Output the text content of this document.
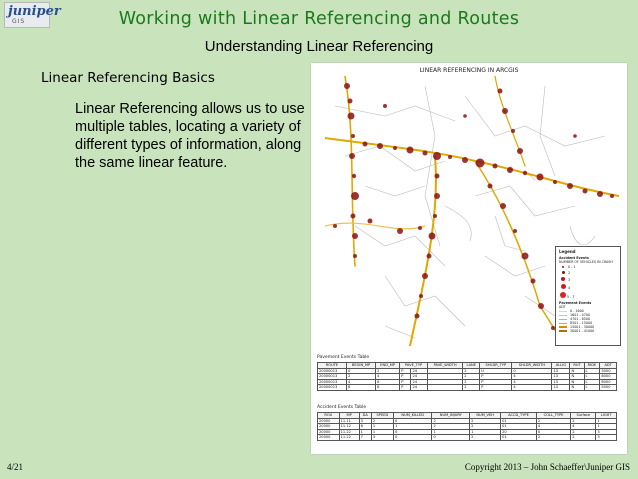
juniper
GIS	Working with Linear Referencing and Routes
Understanding Linear Referencing
Linear Referencing Basics
Linear Referencing allows us to use multiple tables, locating a variety of different types of information, along the same linear feature.
LINEAR REFERENCING IN ARCGIS
Legend
Accident Events
NUMBER OF VEHICLES IN CRASH
0 - 1
2
3
4
5 - 7
Pavement Events
ADT
0 - 1600
1601 - 4700
4701 - 8500
8501 - 15000
15001 - 30000
30001 - 41000
Pavement Events Table
ROUTE	BEGIN_MP	END_MP	PAVE_TYP		PAVE_WIDTH	LANE	SHLDR_TYP	SHLDR_WIDTH	ALLIG	RUT	RIDE	ADT
20000013	0	2	P	24		2	U	0	13	N	L	3000
20000013	2	4	P	24		2	P	4	13	N	L	8000
20000013	4	6	P	24		2	P	4	13	N	L	6000
20000013	6	8	P	24		2	P	4	13	N	L	5000
Accident Events Table
ROU	MP	DA	SPEED	NUM_KILLED	NUM_INJURY	NUM_VEH	ACCD_TYPE	COLL_TYPE	Surface	LIGHT
20000	11.11	3	2	0	2	2	01	2	2	1
20000	11.12	6	1	1	2	2	01	4	4	1
20000	11.22	1	1	0	1	1	20	0	2	3
20000	11.22	7	3	0	0	2	01	2	2	3
4/21	Copyright 2013 – John Schaeffer\Juniper GIS
